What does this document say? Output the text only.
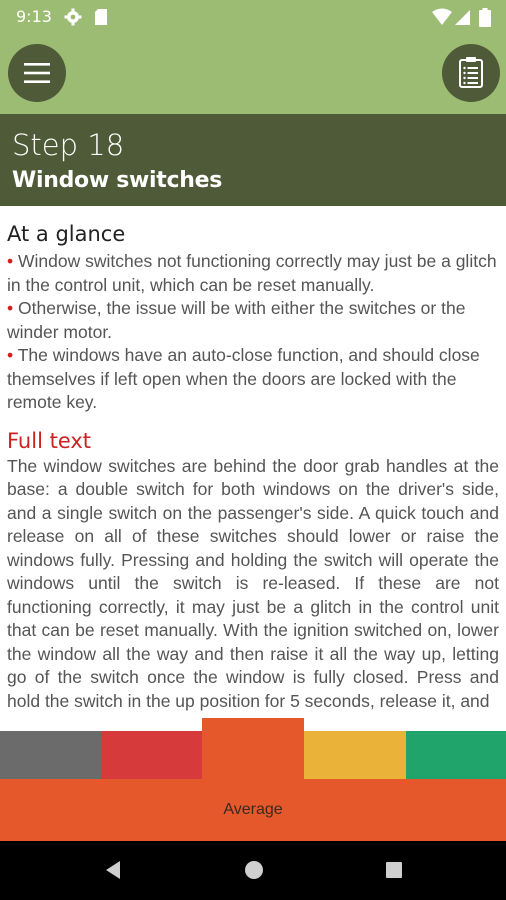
9:13
Step 18
Window switches
At a glance

• Window switches not functioning correctly may just be a glitch in the control unit, which can be reset manually.

• Otherwise, the issue will be with either the switches or the winder motor.

• The windows have an auto-close function, and should close themselves if left open when the doors are locked with the remote key.

Full text

The window switches are behind the door grab handles at the base: a double switch for both windows on the driver's side, and a single switch on the passenger's side. A quick touch and release on all of these switches should lower or raise the windows fully. Pressing and holding the switch will operate the windows until the switch is re-leased. If these are not functioning correctly, it may just be a glitch in the control unit that can be reset manually. With the ignition switched on, lower the window all the way and then raise it all the way up, letting go of the switch once the window is fully closed. Press and hold the switch in the up position for 5 seconds, release it, and

Average
